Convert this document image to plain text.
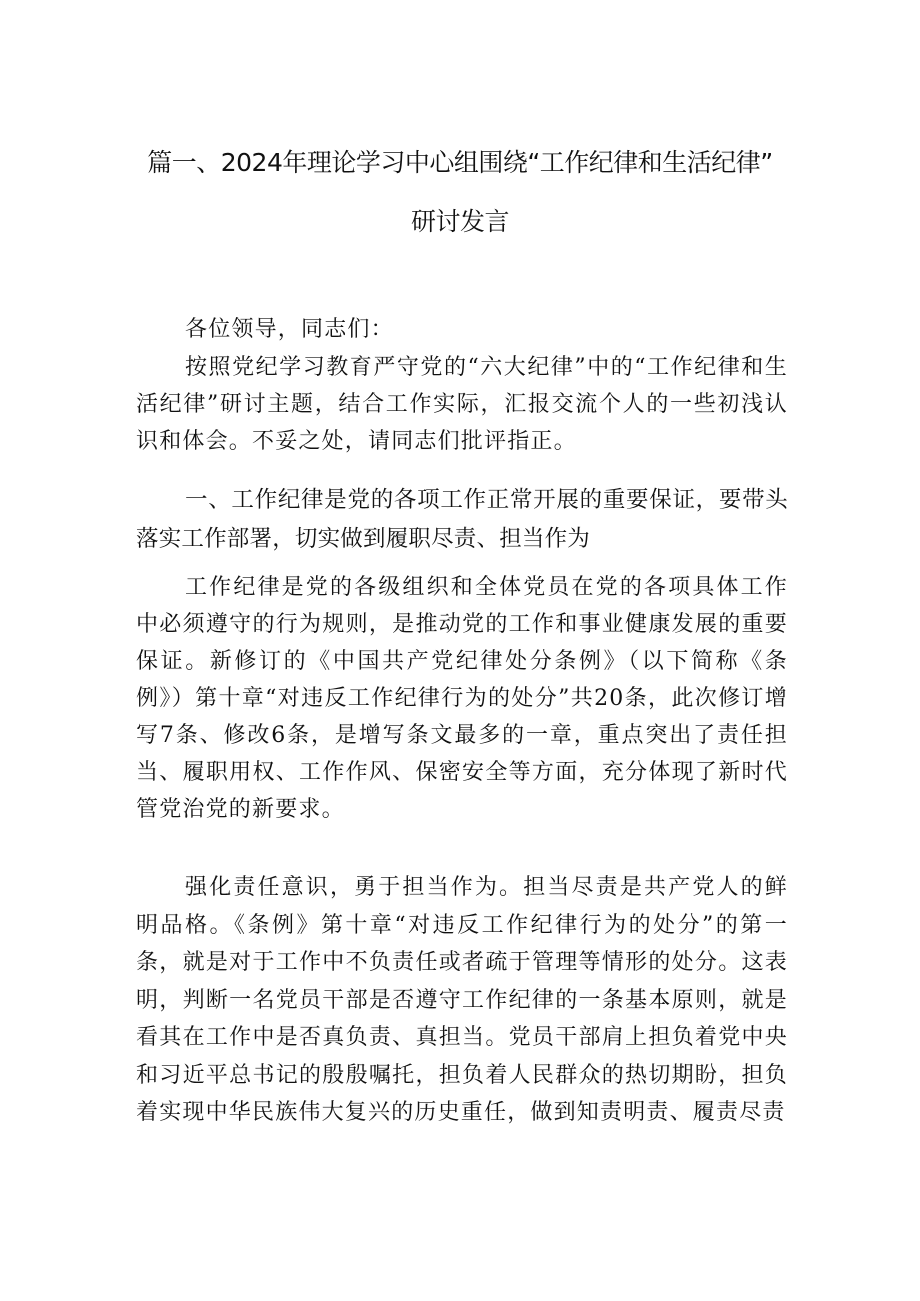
篇一、2024年理论学习中心组围绕“工作纪律和生活纪律”
研讨发言
各位领导，同志们：
按照党纪学习教育严守党的“六大纪律”中的“工作纪律和生活纪律”研讨主题，结合工作实际，汇报交流个人的一些初浅认识和体会。不妥之处，请同志们批评指正。
一、工作纪律是党的各项工作正常开展的重要保证，要带头落实工作部署，切实做到履职尽责、担当作为
工作纪律是党的各级组织和全体党员在党的各项具体工作中必须遵守的行为规则，是推动党的工作和事业健康发展的重要保证。新修订的《中国共产党纪律处分条例》（以下简称《条例》）第十章“对违反工作纪律行为的处分”共20条，此次修订增写7条、修改6条，是增写条文最多的一章，重点突出了责任担当、履职用权、工作作风、保密安全等方面，充分体现了新时代管党治党的新要求。
强化责任意识，勇于担当作为。担当尽责是共产党人的鲜明品格。《条例》第十章“对违反工作纪律行为的处分”的第一条，就是对于工作中不负责任或者疏于管理等情形的处分。这表明，判断一名党员干部是否遵守工作纪律的一条基本原则，就是看其在工作中是否真负责、真担当。党员干部肩上担负着党中央和习近平总书记的殷殷嘱托，担负着人民群众的热切期盼，担负着实现中华民族伟大复兴的历史重任，做到知责明责、履责尽责
